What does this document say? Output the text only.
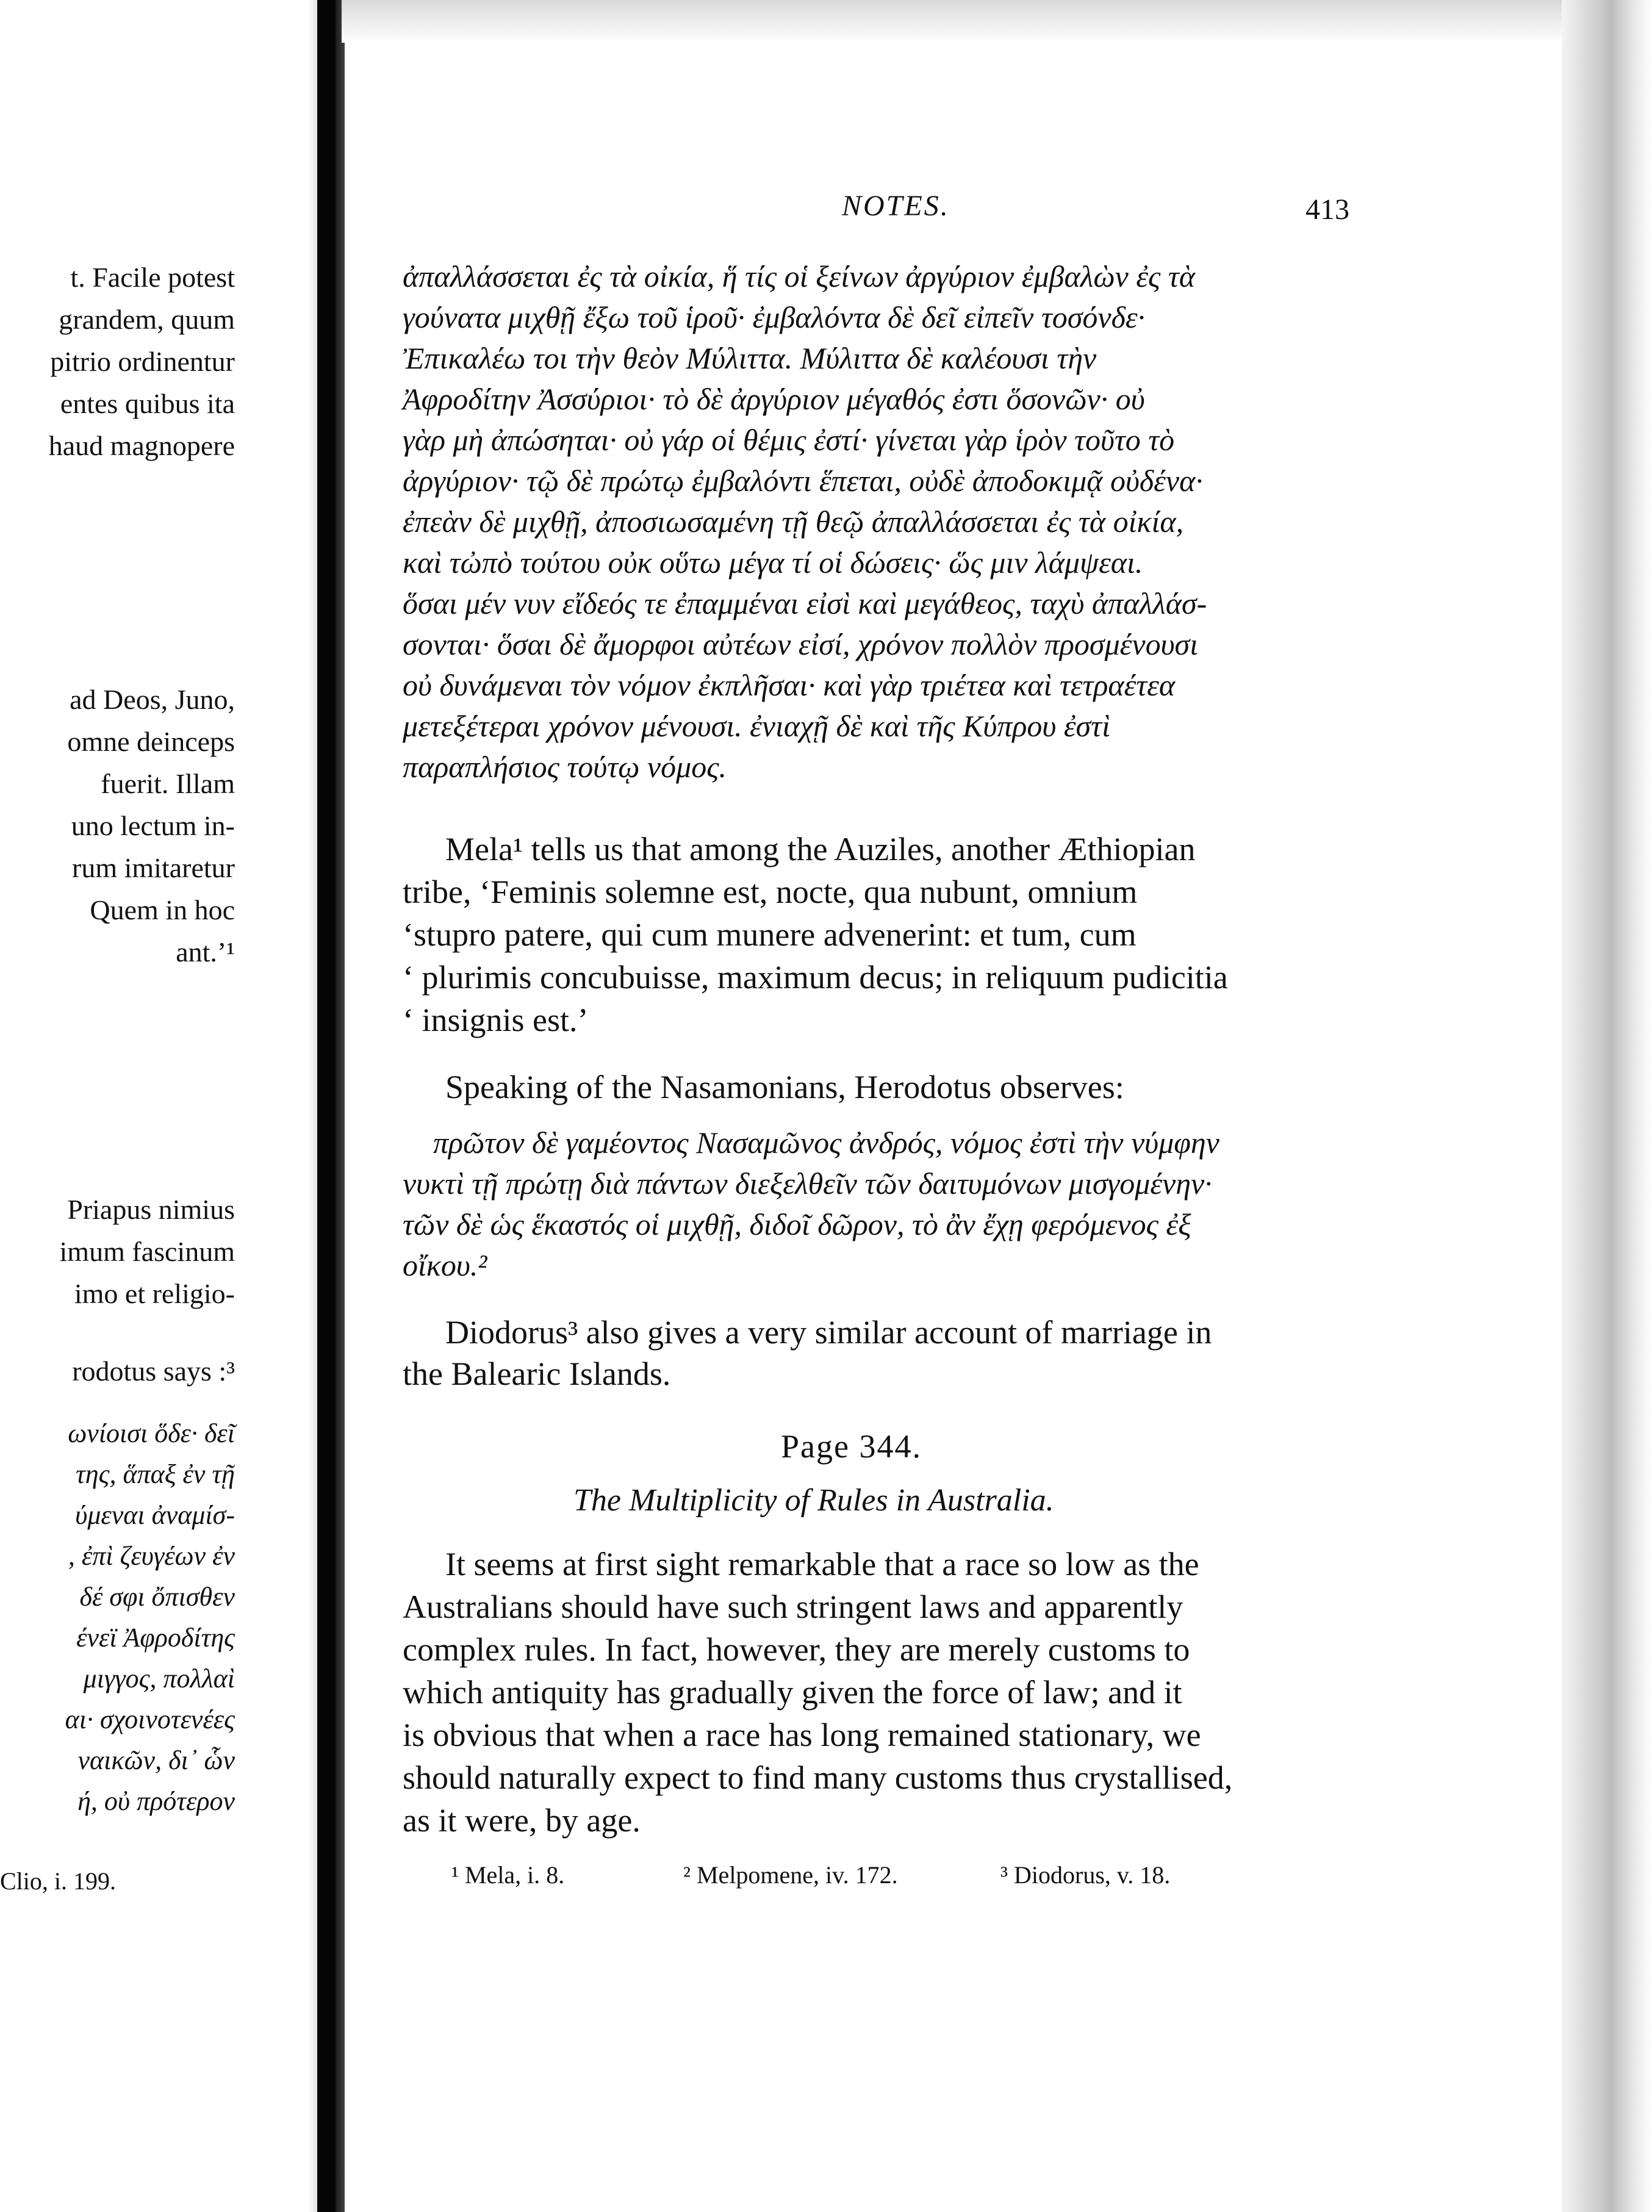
t. Facile potest
grandem, quum
pitrio ordinentur
entes quibus ita
haud magnopere
ad Deos, Juno,
omne deinceps
fuerit. Illam
uno lectum in-
rum imitaretur
Quem in hoc
ant.’¹
Priapus nimius
imum fascinum
imo et religio-
rodotus says :³
ωνίοισι ὅδε· δεῖ
της, ἅπαξ ἐν τῇ
ύμεναι ἀναμίσ-
, ἐπὶ ζευγέων ἐν
δέ σφι ὄπισθεν
ένεϊ Ἀφροδίτης
μιγγος, πολλαὶ
αι· σχοινοτενέες
ναικῶν, δι᾽ ὧν
ή, οὐ πρότερον
Clio, i. 199.
NOTES.	413
ἀπαλλάσσεται ἐς τὰ οἰκία, ἥ τίς οἱ ξείνων ἀργύριον ἐμβαλὼν ἐς τὰ
γούνατα μιχθῇ ἔξω τοῦ ἱροῦ· ἐμβαλόντα δὲ δεῖ εἰπεῖν τοσόνδε·
Ἐπικαλέω τοι τὴν θεὸν Μύλιττα. Μύλιττα δὲ καλέουσι τὴν
Ἀφροδίτην Ἀσσύριοι· τὸ δὲ ἀργύριον μέγαθός ἐστι ὅσονῶν· οὐ
γὰρ μὴ ἀπώσηται· οὐ γάρ οἱ θέμις ἐστί· γίνεται γὰρ ἱρὸν τοῦτο τὸ
ἀργύριον· τῷ δὲ πρώτῳ ἐμβαλόντι ἕπεται, οὐδὲ ἀποδοκιμᾷ οὐδένα·
ἐπεὰν δὲ μιχθῇ, ἀποσιωσαμένη τῇ θεῷ ἀπαλλάσσεται ἐς τὰ οἰκία,
καὶ τὠπὸ τούτου οὐκ οὕτω μέγα τί οἱ δώσεις· ὥς μιν λάμψεαι.
ὅσαι μέν νυν εἴδεός τε ἐπαμμέναι εἰσὶ καὶ μεγάθεος, ταχὺ ἀπαλλάσ-
σονται· ὅσαι δὲ ἄμορφοι αὐτέων εἰσί, χρόνον πολλὸν προσμένουσι
οὐ δυνάμεναι τὸν νόμον ἐκπλῆσαι· καὶ γὰρ τριέτεα καὶ τετραέτεα
μετεξέτεραι χρόνον μένουσι. ἐνιαχῇ δὲ καὶ τῆς Κύπρου ἐστὶ
παραπλήσιος τούτῳ νόμος.
Mela¹ tells us that among the Auziles, another Æthiopian
tribe, ‘Feminis solemne est, nocte, qua nubunt, omnium
‘stupro patere, qui cum munere advenerint: et tum, cum
‘ plurimis concubuisse, maximum decus; in reliquum pudicitia
‘ insignis est.’
Speaking of the Nasamonians, Herodotus observes:
πρῶτον δὲ γαμέοντος Νασαμῶνος ἀνδρός, νόμος ἐστὶ τὴν νύμφην
νυκτὶ τῇ πρώτῃ διὰ πάντων διεξελθεῖν τῶν δαιτυμόνων μισγομένην·
τῶν δὲ ὡς ἕκαστός οἱ μιχθῇ, διδοῖ δῶρον, τὸ ἂν ἔχῃ φερόμενος ἐξ
οἴκου.²
Diodorus³ also gives a very similar account of marriage in
the Balearic Islands.
Page 344.
The Multiplicity of Rules in Australia.
It seems at first sight remarkable that a race so low as the
Australians should have such stringent laws and apparently
complex rules. In fact, however, they are merely customs to
which antiquity has gradually given the force of law; and it
is obvious that when a race has long remained stationary, we
should naturally expect to find many customs thus crystallised,
as it were, by age.
¹ Mela, i. 8.	² Melpomene, iv. 172.	³ Diodorus, v. 18.
